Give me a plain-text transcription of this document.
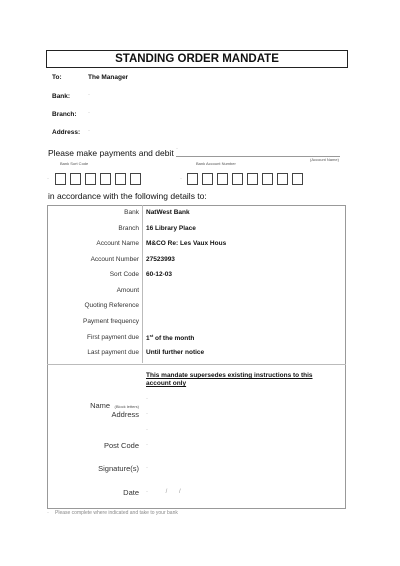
STANDING ORDER MANDATE
To:	The Manager
Bank:	·
Branch: ·
Address: ·
Please make payments and debit ·
(Account Name)
Bank Sort Code	Bank Account Number
·	·
in accordance with the following details to:
Bank NatWest Bank
Branch 16 Library Place
Account Name M&CO Re: Les Vaux Hous
Account Number 27523993
Sort Code 60-12-03
Amount
Quoting Reference
Payment frequency
First payment due 1st of the month
Last payment due Until further notice
This mandate supersedes existing instructions to this account only
Name (Block letters)
·
Address ·
·
Post Code ·
Signature(s) ·
Date ·	/ /
· Please complete where indicated and take to your bank
